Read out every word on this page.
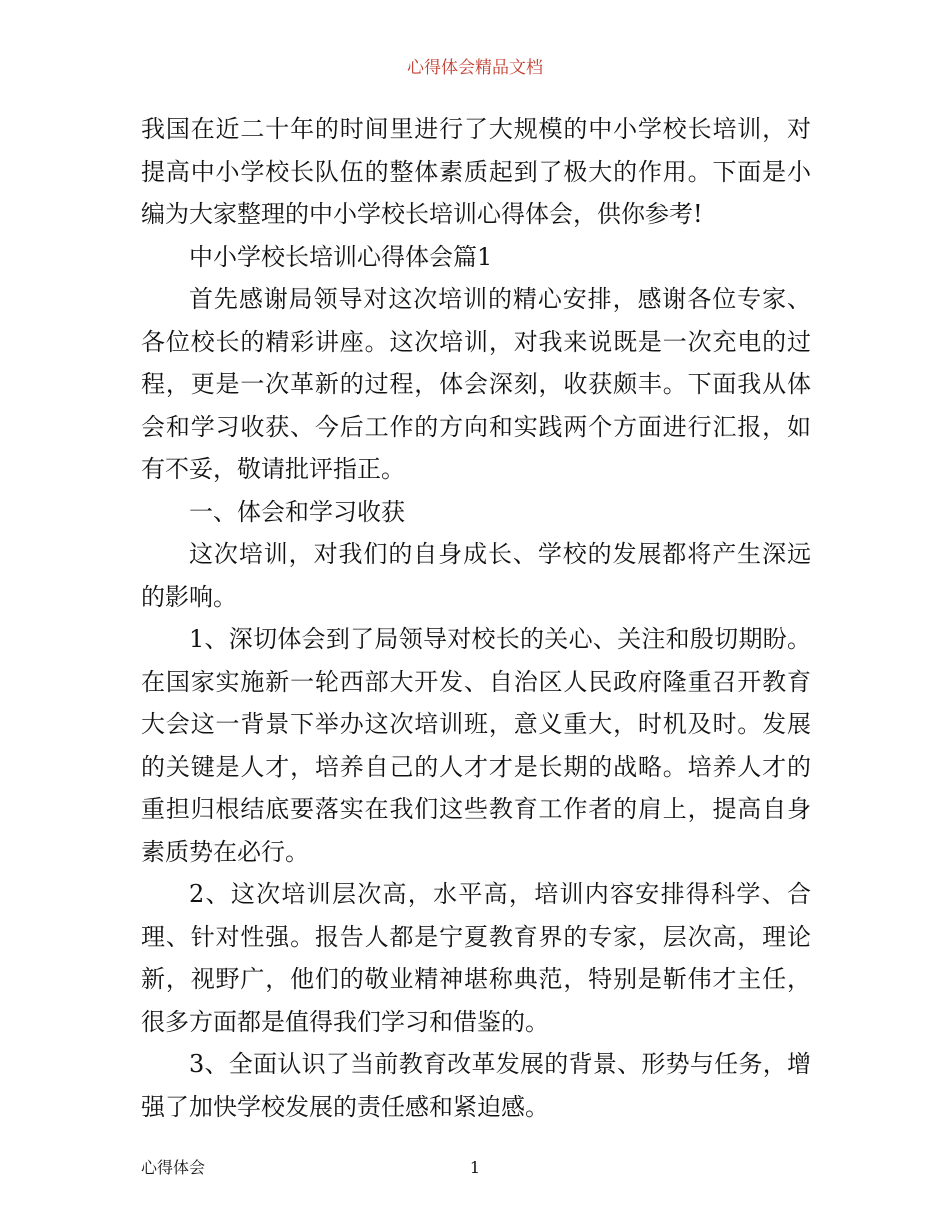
心得体会精品文档

我国在近二十年的时间里进行了大规模的中小学校长培训，对提高中小学校长队伍的整体素质起到了极大的作用。下面是小编为大家整理的中小学校长培训心得体会，供你参考!

中小学校长培训心得体会篇1

首先感谢局领导对这次培训的精心安排，感谢各位专家、各位校长的精彩讲座。这次培训，对我来说既是一次充电的过程，更是一次革新的过程，体会深刻，收获颇丰。下面我从体会和学习收获、今后工作的方向和实践两个方面进行汇报，如有不妥，敬请批评指正。

一、体会和学习收获

这次培训，对我们的自身成长、学校的发展都将产生深远的影响。

1、深切体会到了局领导对校长的关心、关注和殷切期盼。在国家实施新一轮西部大开发、自治区人民政府隆重召开教育大会这一背景下举办这次培训班，意义重大，时机及时。发展的关键是人才，培养自己的人才才是长期的战略。培养人才的重担归根结底要落实在我们这些教育工作者的肩上，提高自身素质势在必行。

2、这次培训层次高，水平高，培训内容安排得科学、合理、针对性强。报告人都是宁夏教育界的专家，层次高，理论新，视野广，他们的敬业精神堪称典范，特别是靳伟才主任，很多方面都是值得我们学习和借鉴的。

3、全面认识了当前教育改革发展的背景、形势与任务，增强了加快学校发展的责任感和紧迫感。

心得体会	1
